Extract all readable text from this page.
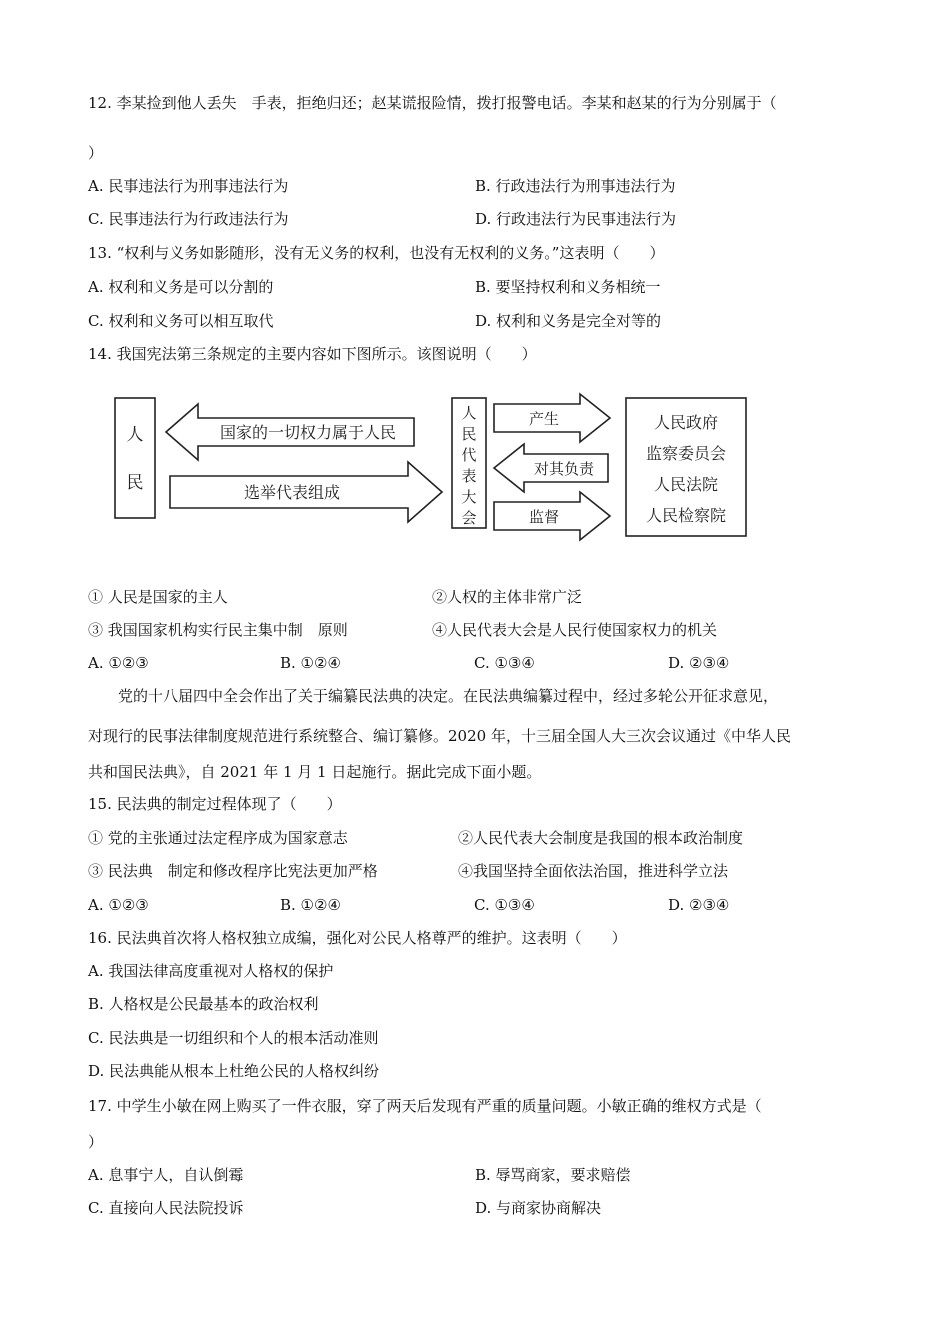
12. 李某捡到他人丢失　手表，拒绝归还；赵某谎报险情，拨打报警电话。李某和赵某的行为分别属于（
）
A. 民事违法行为刑事违法行为	B. 行政违法行为刑事违法行为
C. 民事违法行为行政违法行为	D. 行政违法行为民事违法行为
13. “权利与义务如影随形，没有无义务的权利，也没有无权利的义务。”这表明（　　）
A. 权利和义务是可以分割的	B. 要坚持权利和义务相统一
C. 权利和义务可以相互取代	D. 权利和义务是完全对等的
14. 我国宪法第三条规定的主要内容如下图所示。该图说明（　　）
人
民
国家的一切权力属于人民
选举代表组成
人
民
代
表
大
会
产生
对其负责
监督
人民政府
监察委员会
人民法院
人民检察院
① 人民是国家的主人	②人权的主体非常广泛
③ 我国国家机构实行民主集中制　原则	④人民代表大会是人民行使国家权力的机关
A. ①②③	B. ①②④	C. ①③④	D. ②③④
党的十八届四中全会作出了关于编纂民法典的决定。在民法典编纂过程中，经过多轮公开征求意见，
对现行的民事法律制度规范进行系统整合、编订纂修。2020 年，十三届全国人大三次会议通过《中华人民
共和国民法典》，自 2021 年 1 月 1 日起施行。据此完成下面小题。
15. 民法典的制定过程体现了（　　）
① 党的主张通过法定程序成为国家意志	②人民代表大会制度是我国的根本政治制度
③ 民法典　制定和修改程序比宪法更加严格	④我国坚持全面依法治国，推进科学立法
A. ①②③	B. ①②④	C. ①③④	D. ②③④
16. 民法典首次将人格权独立成编，强化对公民人格尊严的维护。这表明（　　）
A. 我国法律高度重视对人格权的保护
B. 人格权是公民最基本的政治权利
C. 民法典是一切组织和个人的根本活动准则
D. 民法典能从根本上杜绝公民的人格权纠纷
17. 中学生小敏在网上购买了一件衣服，穿了两天后发现有严重的质量问题。小敏正确的维权方式是（
）
A. 息事宁人，自认倒霉	B. 辱骂商家，要求赔偿
C. 直接向人民法院投诉	D. 与商家协商解决
